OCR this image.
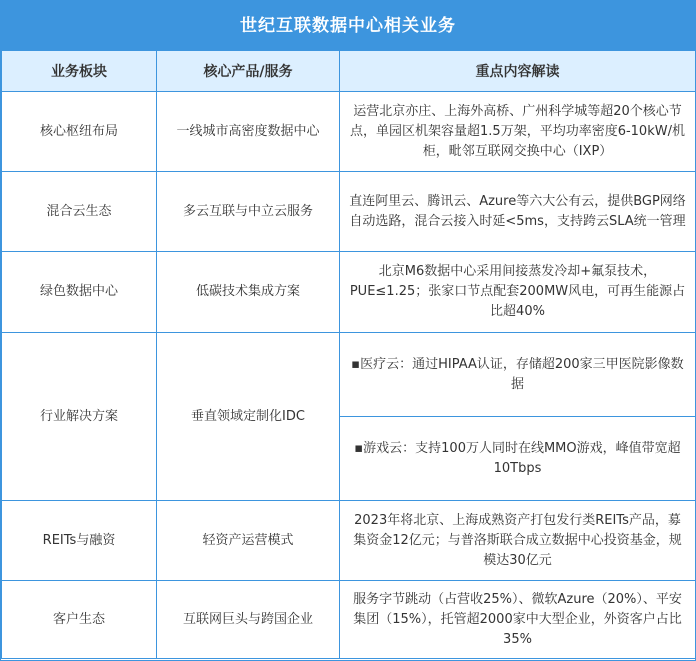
世纪互联数据中心相关业务
业务板块	核心产品/服务	重点内容解读
核心枢纽布局	一线城市高密度数据中心	运营北京亦庄、上海外高桥、广州科学城等超20个核心节点，单园区机架容量超1.5万架，平均功率密度6-10kW/机柜，毗邻互联网交换中心（IXP）
混合云生态	多云互联与中立云服务	直连阿里云、腾讯云、Azure等六大公有云，提供BGP网络自动选路，混合云接入时延<5ms，支持跨云SLA统一管理
绿色数据中心	低碳技术集成方案	北京M6数据中心采用间接蒸发冷却+氟泵技术，PUE≤1.25；张家口节点配套200MW风电，可再生能源占比超40%
行业解决方案	垂直领域定制化IDC	▪医疗云：通过HIPAA认证，存储超200家三甲医院影像数据
		▪游戏云：支持100万人同时在线MMO游戏，峰值带宽超10Tbps
REITs与融资	轻资产运营模式	2023年将北京、上海成熟资产打包发行类REITs产品，募集资金12亿元；与普洛斯联合成立数据中心投资基金，规模达30亿元
客户生态	互联网巨头与跨国企业	服务字节跳动（占营收25%）、微软Azure（20%）、平安集团（15%），托管超2000家中大型企业，外资客户占比35%
